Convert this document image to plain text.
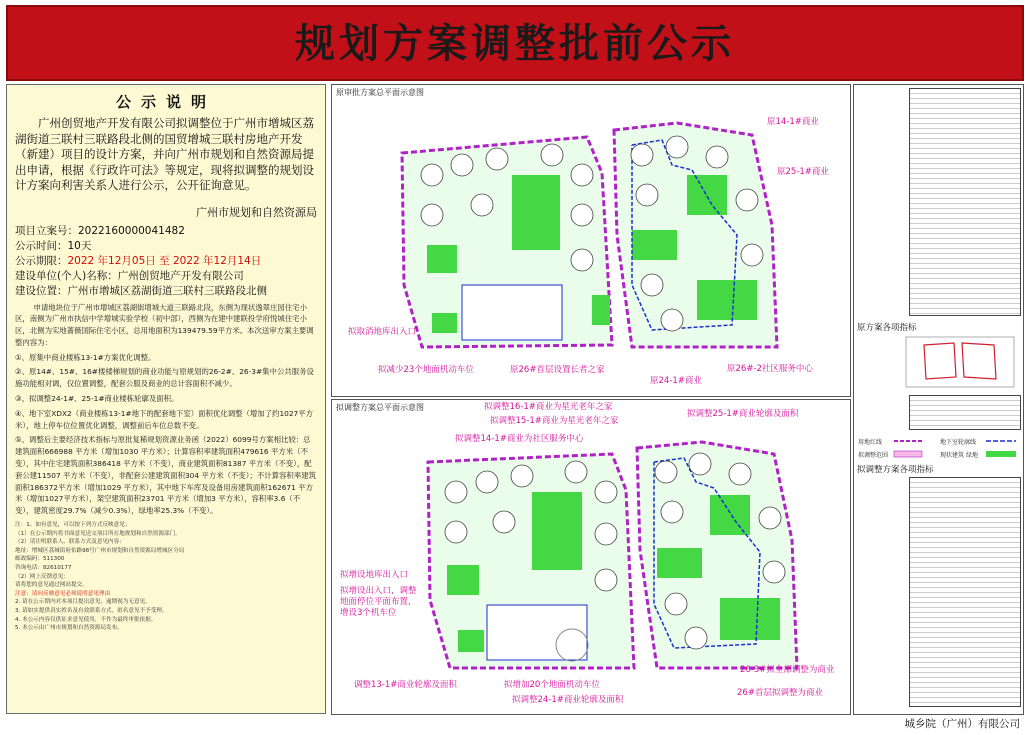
规划方案调整批前公示
公示说明
广州创贸地产开发有限公司拟调整位于广州市增城区荔湖街道三联村三联路段北侧的国贸增城三联村房地产开发（新建）项目的设计方案，并向广州市规划和自然资源局提出申请，根据《行政许可法》等规定，现将拟调整的规划设计方案向利害关系人进行公示，公开征询意见。
广州市规划和自然资源局
项目立案号：2022160000041482
公示时间：10天
公示期限：2022 年12月05日 至 2022 年12月14日
建设单位(个人)名称：广州创贸地产开发有限公司
建设位置：广州市增城区荔湖街道三联村三联路段北侧
申请地块位于广州市增城区荔湖街增城大道三联路北段，东侧为现状逸翠庄园住宅小区，南侧为广州市执信中学增城实验学校（初中部），西侧为在建中建联投学府悦城住宅小区，北侧为实地蔷薇国际住宅小区，总用地面积为139479.59平方米。本次送审方案主要调整内容为：
①、原集中商业楼栋13-1#方案优化调整。
②、原14#、15#、16#楼楼梯规划的商业功能与原规划的26-2#、26-3#集中公共服务设施功能相对调，仅位置调整，配套公服及商业的总计容面积不减少。
③、拟调整24-1#、25-1#商业楼栋轮廓及面积。
④、地下室XDX2（商业楼栋13-1#地下的配套地下室）面积优化调整（增加了约1027平方米），地上停车位位置优化调整，调整前后车位总数不变。
⑤、调整后主要经济技术指标与原批复稀规划资源业务函（2022）6099号方案相比较：总建筑面积666988 平方米（增加1030 平方米）；计算容积率建筑面积479616 平方米（不变），其中住宅建筑面积386418 平方米（不变），商业建筑面积81387 平方米（不变），配套公建11507 平方米（不变），非配套公建建筑面积304 平方米（不变）；不计算容积率建筑面积186372平方米（增加1029 平方米），其中地下车库及设备用房建筑面积162671 平方米（增加1027平方米），架空建筑面积23701 平方米（增加3 平方米），容积率3.6（不变），建筑密度29.7%（减少0.3%），绿地率25.3%（不变）。
注：1、如有意见，可以按下列方式反映意见；
（1）在公示期内将书面意见送交项目所在地规划和自然资源部门。
（2）请注明联系人、联系方式及意见内容：
地址：增城区荔城街府佑路98号广州市规划和自然资源局增城区分局
邮政编码：511300
咨询电话：82610177
（2）网上反馈意见：
请将您的意见通过网站提交。
注意：请向反映意见必须说明意见理由
2. 请在公示期内对本项目提出意见，逾期视为无意见。
3. 请如实提供真实姓名及有效联系方式，匿名意见不予受理。
4. 本公示内容仅供征求意见使用，不作为最终审批依据。
5. 本公示由广州市规划和自然资源局发布。
原审批方案总平面示意图
原14-1#商业
原25-1#商业
拟取消地库出入口
拟减少23个地面机动车位	原26#首层设置长者之家
原24-1#商业
原26#-2社区服务中心
拟调整方案总平面示意图	拟调整16-1#商业为星光老年之家
拟调整15-1#商业为星光老年之家
拟调整14-1#商业为社区服务中心
拟调整25-1#商业轮廓及面积
拟增设地库出入口
拟增设出入口，调整地面停位平面布置，增设3个机车位
调整13-1#商业轮廓及面积	拟增加20个地面机动车位
拟调整24-1#商业轮廓及面积
26-3#拟全部调整为商业
26#首层拟调整为商业
原方案各项指标
用地红线
拟调整范围
地下室轮廓线
现状建筑 绿地
拟调整方案各项指标
城乡院（广州）有限公司
